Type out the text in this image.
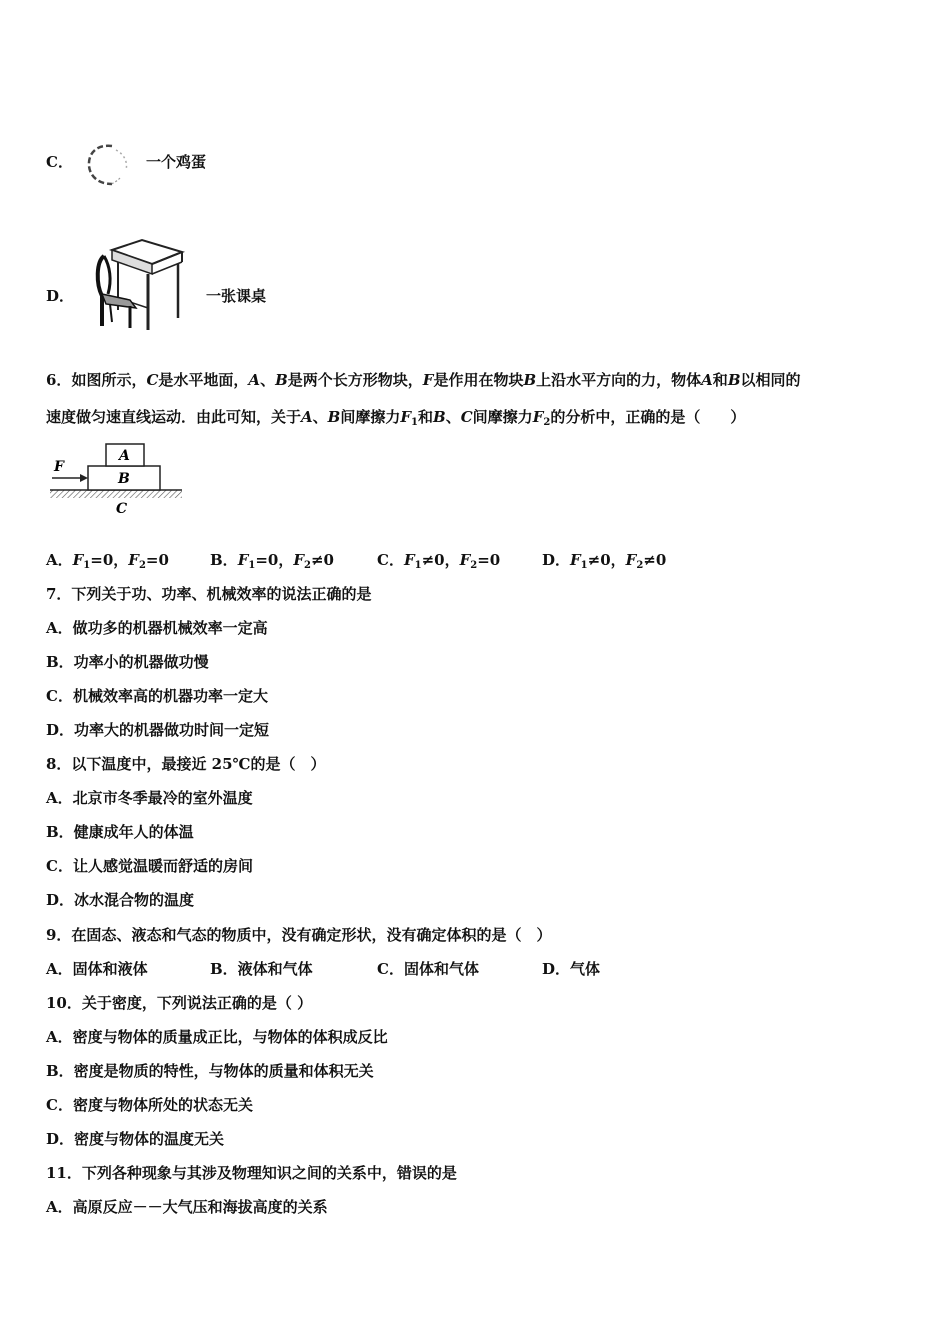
C．	一个鸡蛋
D．	一张课桌
6．如图所示，C是水平地面，A、B是两个长方形物块，F是作用在物块B上沿水平方向的力，物体A和B以相同的
速度做匀速直线运动．由此可知，关于A、B间摩擦力$F_1$和B、C间摩擦力$F_2$的分析中，正确的是（　　）
F
A
B
C
A．$F_1=0$，$F_2=0$	B．$F_1=0$，$F_2\ne 0$	C．$F_1\ne 0$，$F_2=0$	D．$F_1\ne 0$，$F_2\ne 0$
7．下列关于功、功率、机械效率的说法正确的是
A．做功多的机器机械效率一定高
B．功率小的机器做功慢
C．机械效率高的机器功率一定大
D．功率大的机器做功时间一定短
8．以下温度中，最接近 25℃的是（　）
A．北京市冬季最冷的室外温度
B．健康成年人的体温
C．让人感觉温暖而舒适的房间
D．冰水混合物的温度
9．在固态、液态和气态的物质中，没有确定形状，没有确定体积的是（　）
A．固体和液体	B．液体和气体	C．固体和气体	D．气体
10．关于密度，下列说法正确的是（ ）
A．密度与物体的质量成正比，与物体的体积成反比
B．密度是物质的特性，与物体的质量和体积无关
C．密度与物体所处的状态无关
D．密度与物体的温度无关
11．下列各种现象与其涉及物理知识之间的关系中，错误的是
A．高原反应－－大气压和海拔高度的关系
